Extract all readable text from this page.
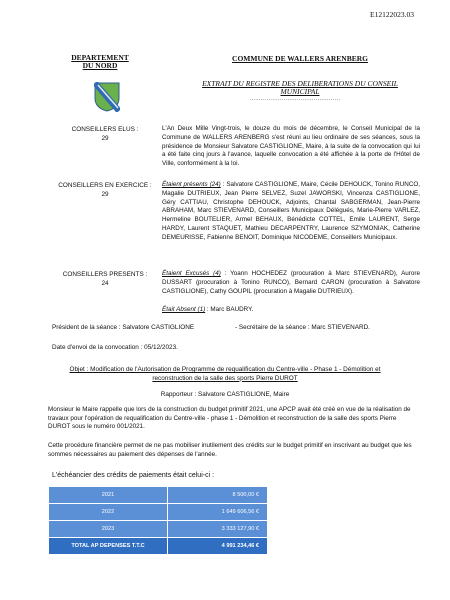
E12122023.03
DEPARTEMENT
DU NORD
COMMUNE DE WALLERS ARENBERG
EXTRAIT DU REGISTRE DES DELIBERATIONS DU CONSEIL MUNICIPAL
................................................
CONSEILLERS ELUS :
29
L'An Deux Mille Vingt-trois, le douze du mois de décembre, le Conseil Municipal de la Commune de WALLERS ARENBERG s'est réuni au lieu ordinaire de ses séances, sous la présidence de Monsieur Salvatore CASTIGLIONE, Maire, à la suite de la convocation qui lui a été faite cinq jours à l'avance, laquelle convocation a été affichée à la porte de l'Hôtel de Ville, conformément à la loi.
CONSEILLERS EN EXERCICE :
29
Étaient présents (24) : Salvatore CASTIGLIONE, Maire, Cécile DEHOUCK, Tonino RUNCO, Magalie DUTRIEUX, Jean Pierre SELVEZ, Suzel JAWORSKI, Vincenza CASTIGLIONE, Géry CATTIAU, Christophe DEHOUCK, Adjoints, Chantal SABGERMAN, Jean-Pierre ABRAHAM, Marc STIEVENARD, Conseillers Municipaux Délégués, Marie-Pierre VARLEZ, Hermeline BOUTELIER, Armel BEHAUX, Bénédicte COTTEL, Emile LAURENT, Serge HARDY, Laurent STAQUET, Mathieu DECARPENTRY, Laurence SZYMONIAK, Catherine DEMEURISSE, Fabienne BENOIT, Dominique NICODEME, Conseillers Municipaux.
CONSEILLERS PRESENTS :
24
Étaient Excusés (4) : Yoann HOCHEDEZ (procuration à Marc STIEVENARD), Aurore DUSSART (procuration à Tonino RUNCO), Bernard CARON (procuration à Salvatore CASTIGLIONE), Cathy GOUPIL (procuration à Magalie DUTRIEUX).
Était Absent (1) : Marc BAUDRY.
Président de la séance : Salvatore CASTIGLIONE	- Secrétaire de la séance : Marc STIEVENARD.
Date d'envoi de la convocation : 05/12/2023.
Objet : Modification de l'Autorisation de Programme de requalification du Centre-ville - Phase 1 - Démolition et
reconstruction de la salle des sports Pierre DUROT
Rapporteur : Salvatore CASTIGLIONE, Maire
Monsieur le Maire rappelle que lors de la construction du budget primitif 2021, une APCP avait été créé en vue de la réalisation de travaux pour l'opération de requalification du Centre-ville - phase 1 - Démolition et reconstruction de la salle des sports Pierre DUROT sous le numéro 001/2021.
Cette procédure financière permet de ne pas mobiliser inutilement des crédits sur le budget primitif en inscrivant au budget que les sommes nécessaires au paiement des dépenses de l'année.
L'échéancier des crédits de paiements était celui-ci :
2021	8 500,00 €
2022	1 649 606,56 €
2023	3 333 127,90 €
TOTAL AP DEPENSES T.T.C	4 991 234,46 €
